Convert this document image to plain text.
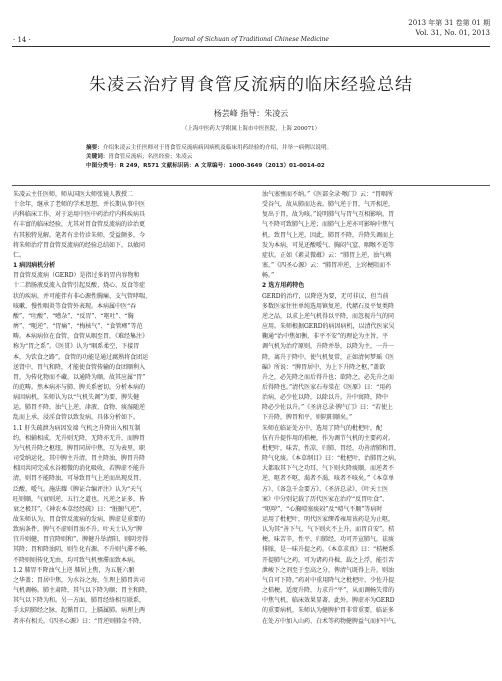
· 14 ·	Journal of Sichuan of Traditional Chinese Medicine
2013 年第 31 卷第 01 期
Vol. 31, No. 01, 2013
朱凌云治疗胃食管反流病的临床经验总结
杨芸峰 指导：朱凌云
（上海中医药大学附属上海市中医医院，上海 200071）
摘要：介绍朱凌云主任医师对于胃食管反流病病因病机及临床用药经验的介绍，并举一病例以说明。
关键词：胃食管反流病；名医经验；朱凌云
中图分类号：R 249，R571 文献标识码：A 文章编号：1000-3649（2013）01-0014-02
朱凌云主任医师，师从国医大师张镜人教授二
十余年，继承了老师的学术思想，并长期从事中医
内科临床工作，对于运用中医中药治疗内科疾病具
有丰富的临床经验，尤其对胃食管反流病的诊治更
有其独特见解。笔者有幸侍诊朱师，受益颇多，今
将朱师治疗胃食管反流病的经验总结如下，以飨同
仁。
1 病因病机分析
胃食管反流病（GERD）是指过多的胃内容物和
十二指肠液反流入食管引起反酸、烧心、反食等症
状的疾病，并可能伴有非心源性胸痛、支气管哮喘、
咳嗽、慢性咽炎等食管外表现。本病属中医“吞
酸”、“吐酸”、“嘈杂”、“反胃”、“呕吐”、“胸
痹”、“呃逆”、“胃痛”、“梅核气”、“食管瘅”等范
畴。本病病位在食管，食管从咽至胃，《难经集注》
称为“胃之系”。《医贯》认为“咽系柔空，下接胃
本，为饮食之路”。食管的功能是通过腐熟将食团运
送肾中，胃气和降，才能使食管传输的食团顺利入
胃，为传化物而不藏，以通降为顺，故其应属“胃”
的范畴。然本病亦与肺、脾关系密切。分析本病的
病因病机，朱师认为以“气机失调”为要，脾失健
运，肺胃不降，浊气上逆，津液、食物、痰湿随逆
乱而上承，浸淫食管以致发病，具体分析如下。
1.1 肝失疏泄为病因发端 气机之升降出入相互制
约，相辅相成，无升则无降，无降亦无升，而脾胃
为气机升降之枢纽，脾胃同居中焦，互为表里，职
司受纳运化，其中脾主升清，胃主降浊，脾胃升降
相因共同完成水谷精微的消化吸收，若脾虚不能升
清，则胃不能降浊，可导致胃气上逆而出现反胃、
泛酸、嗳气。施法耀《脾证合编评注》认为“天气
旺则顺，气衰则逆，五行之道也，凡逆之证多，皆
衰之极耳”。《神农本草经经疏》曰：“脏腑气逆”，
故朱师认为，胃食管反流病的发病，脾虚是重要的
致病条件，脾气不虚则胃浊不升。叶天士认为“脾
宜升则健，胃宜降则和”，脾健升举清阳，则阴旁得
其降；胃和降浊阴，则生化有源。不升则气滞不畅，
不降则则传化无由，均可致气机壅滞而致本病。
1.2 肺胃不降浊气上逆 肺居上焦，为五脏六腑
之华盖；胃居中焦，为水谷之海，生理上肺胃共司
气机调畅。肺主肃降，其气以下降为顺；胃主和降，
其气以下降为和。另一方面，肺胃经络相互联系，
手太阴肺经之脉，起循胃口，上膈属肺。病理上两
者亦有相关。《四圣心源》曰：“胃逆则肺金不降，
浊气塞壅而不纳。”《医部全录·喉门》云：“胃咽所
受谷气，故从肺而达表。肺气逆于胃，气开相逆，
复出于胃，故为咳。”说明肺气与胃气互相影响，胃
气不降可致肺气上逆；而肺气上逆亦可影响中焦气
机，致胃气上逆，因此，肺胃不降，升降失调而上
发为本病，可见还酸嗳气、胸闷气窒、咽喉不适等
症状。正如《素灵微蕴》云：“肺胃上逆，浊气填
塞。”《四圣心源》云：“肺胃冲逆，上窍梗阻而不
畅。”
2 选方用药特色
GERD的治疗，以降逆为要，无可非议，但当前
多数医家往往单纯选用镇复逆，代赭石及平复类降
逆之品，以求上逆气机得以平降，而忽视升气的同
应用。朱师根据GERD的病因病机，以清代医家吴
鞠通“治中焦如衡，非平不安”的理论为主旨，平
调气机为治疗原则，升降并举，以降为主，一升一
降，离升于降中，使气机复常，正如清何梦瑶《医
碥》所说：“脾胃居中，为上下升降之枢，”盖欲
升之，必先降之而后得升也；欲降之，必先升之而
后得降也。”清代医家石寿棠在《医原》曰：“用药
治病，必少佐以降，以除以升。升中寓降，降中
降必少佐以升。”《圣济总录·脾气门》曰：“若使上
下升降，脾胃和平，则阴阳顺矣。”
朱师在临证处方中，选用了降气的枇杷叶，配
伍有升提作用的桔梗，作为调节气机的主要药对。
枇杷叶，味苦，性凉，归肺、胃经，功善清肺和胃，
降气化痰。《本草纲目》曰：“枇杷叶，治肺胃之病，
大都取其下气之功耳，气下则火降痰顺，而逆者不
逆，呕者不呕，渴者不渴，咳者不咳矣。”《本草单
方》、《备急千金要方》、《圣济总录》、《叶天士医
案》中分别记载了历代医家在治疗“反胃吐食”、
“呕哕”、“心胸噎塞痰闷”及“噎气不顺”等病时
运用了枇杷叶，明代医家缪希雍用该药是为止呕，
认为其“善下气，气下则火不上升，而胃自安”。桔
梗，味苦辛，性平，归肺经，功可开宣肺气，祛痰
排脓，是一味升提之药。《本草求真》曰：“桔梗系
开提肺气之药，可为诸药舟楫，载之上浮，能引苦
泄峻下之剂至于至高之分，俾清气既得上升，则浊
气自可下降。”药对中重用降气之枇杷叶，少佐升提
之桔梗，适度升降，力求升“平”，从而调畅失常的
中焦气机，临床效果显著。此外，脾虚亦为GERD
的重要病机，朱师认为健脾护胃非常重要，临证多
在处方中加入山药、白术等药物健脾益气而护中气，
